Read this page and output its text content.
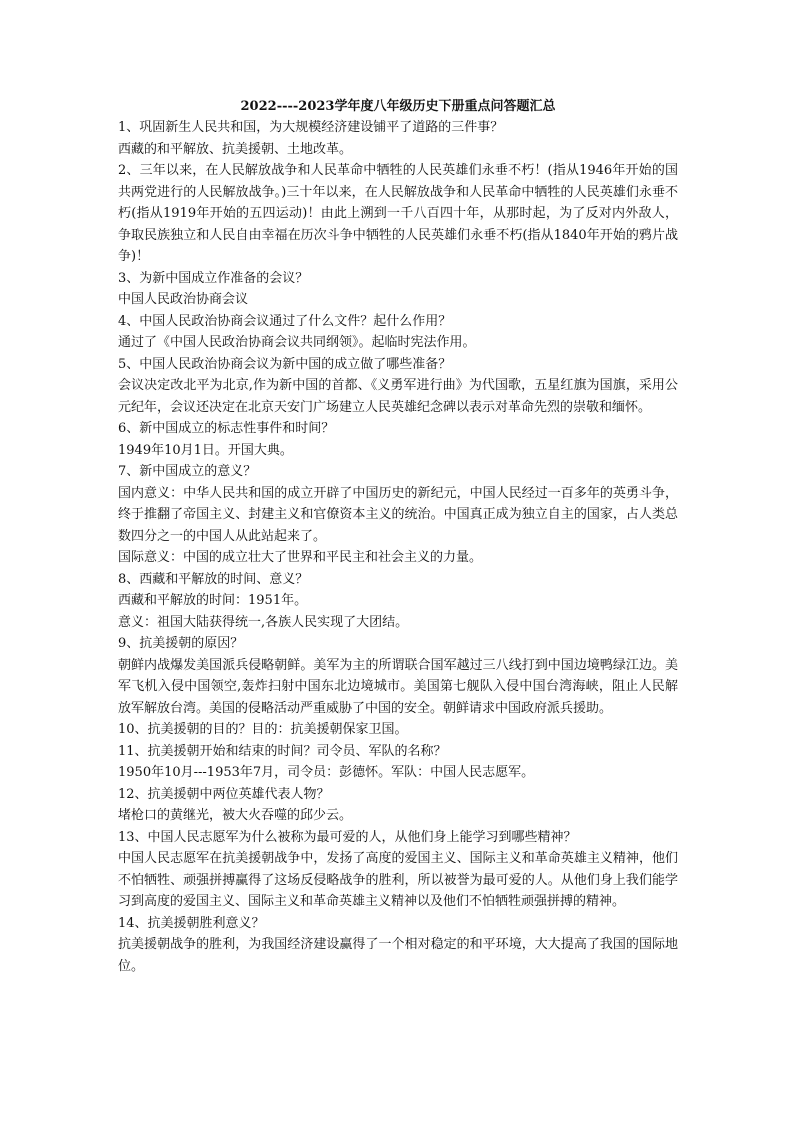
2022----2023学年度八年级历史下册重点问答题汇总

1、巩固新生人民共和国，为大规模经济建设铺平了道路的三件事？

西藏的和平解放、抗美援朝、土地改革。

2、三年以来，在人民解放战争和人民革命中牺牲的人民英雄们永垂不朽！(指从1946年开始的国共两党进行的人民解放战争。)三十年以来，在人民解放战争和人民革命中牺牲的人民英雄们永垂不朽(指从1919年开始的五四运动)！由此上溯到一千八百四十年，从那时起，为了反对内外敌人，争取民族独立和人民自由幸福在历次斗争中牺牲的人民英雄们永垂不朽(指从1840年开始的鸦片战争)！

3、为新中国成立作准备的会议？

中国人民政治协商会议

4、中国人民政治协商会议通过了什么文件？起什么作用？

通过了《中国人民政治协商会议共同纲领》。起临时宪法作用。

5、中国人民政治协商会议为新中国的成立做了哪些准备？

会议决定改北平为北京,作为新中国的首都、《义勇军进行曲》为代国歌，五星红旗为国旗，采用公元纪年，会议还决定在北京天安门广场建立人民英雄纪念碑以表示对革命先烈的崇敬和缅怀。

6、新中国成立的标志性事件和时间？

1949年10月1日。开国大典。

7、新中国成立的意义？

国内意义：中华人民共和国的成立开辟了中国历史的新纪元，中国人民经过一百多年的英勇斗争，终于推翻了帝国主义、封建主义和官僚资本主义的统治。中国真正成为独立自主的国家，占人类总数四分之一的中国人从此站起来了。

国际意义：中国的成立壮大了世界和平民主和社会主义的力量。

8、西藏和平解放的时间、意义？

西藏和平解放的时间：1951年。

意义：祖国大陆获得统一,各族人民实现了大团结。

9、抗美援朝的原因？

朝鲜内战爆发美国派兵侵略朝鲜。美军为主的所谓联合国军越过三八线打到中国边境鸭绿江边。美军飞机入侵中国领空,轰炸扫射中国东北边境城市。美国第七舰队入侵中国台湾海峡，阻止人民解放军解放台湾。美国的侵略活动严重威胁了中国的安全。朝鲜请求中国政府派兵援助。

10、抗美援朝的目的？目的：抗美援朝保家卫国。

11、抗美援朝开始和结束的时间？司令员、军队的名称？

1950年10月---1953年7月，司令员：彭德怀。军队：中国人民志愿军。

12、抗美援朝中两位英雄代表人物？

堵枪口的黄继光，被大火吞噬的邱少云。

13、中国人民志愿军为什么被称为最可爱的人，从他们身上能学习到哪些精神？

中国人民志愿军在抗美援朝战争中，发扬了高度的爱国主义、国际主义和革命英雄主义精神，他们不怕牺牲、顽强拼搏赢得了这场反侵略战争的胜利，所以被誉为最可爱的人。从他们身上我们能学习到高度的爱国主义、国际主义和革命英雄主义精神以及他们不怕牺牲顽强拼搏的精神。

14、抗美援朝胜利意义？

抗美援朝战争的胜利，为我国经济建设赢得了一个相对稳定的和平环境，大大提高了我国的国际地位。
